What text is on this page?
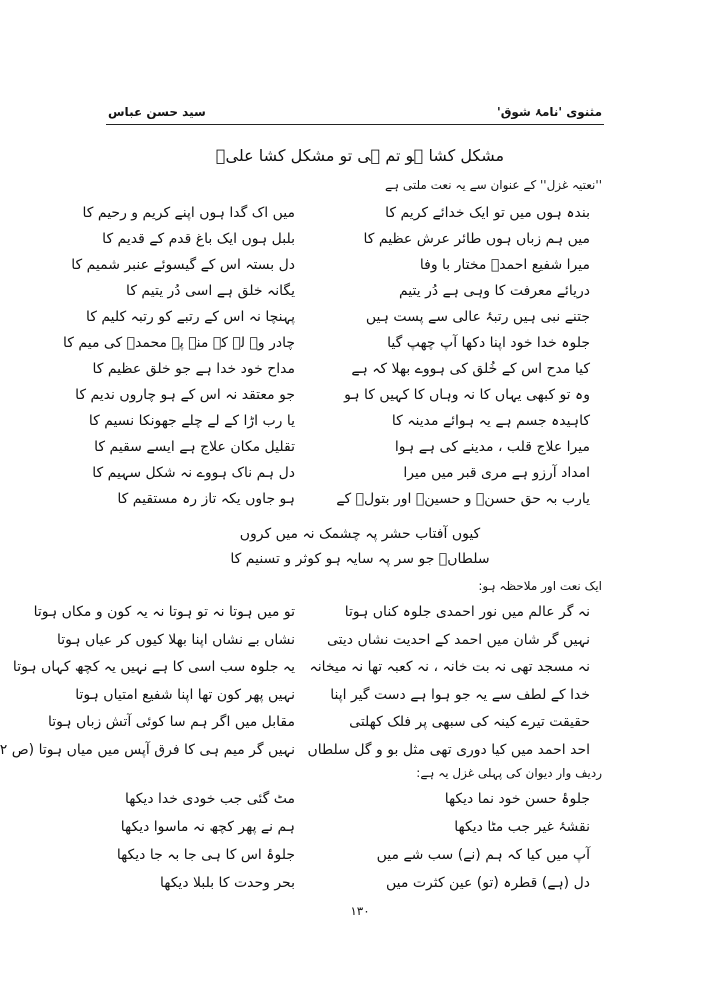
مثنوی 'نامۂ شوق'
سید حسن عباس
مشکل کشا ہو تم ہی تو مشکل کشا علیؑ
''نعتیہ غزل'' کے عنوان سے یہ نعت ملتی ہے
بندہ ہوں میں تو ایک خدائے کریم کا
میں اک گدا ہوں اپنے کریم و رحیم کا
میں ہم زباں ہوں طائر عرش عظیم کا
بلبل ہوں ایک باغ قدم کے قدیم کا
میرا شفیع احمدؐ مختار با وفا
دل بستہ اس کے گیسوئے عنبر شمیم کا
دریائے معرفت کا وہی ہے دُر یتیم
یگانہ خلق ہے اسی دُر یتیم کا
جتنے نبی ہیں رتبۂ عالی سے پست ہیں
پہنچا نہ اس کے رتبے کو رتبہ کلیم کا
جلوہ خدا خود اپنا دکھا آپ چھپ گیا
چادر وہ لے کے منہ پہ محمدؐ کی میم کا
کیا مدح اس کے خُلق کی ہووے بھلا کہ ہے
مداح خود خدا ہے جو خلق عظیم کا
وہ تو کبھی یہاں کا نہ وہاں کا کہیں کا ہو
جو معتقد نہ اس کے ہو چاروں ندیم کا
کاہیدہ جسم ہے یہ ہوائے مدینہ کا
یا رب اڑا کے لے چلے جھونکا نسیم کا
میرا علاج قلب ، مدینے کی ہے ہوا
تقلیل مکان علاج ہے ایسے سقیم کا
امداد آرزو ہے مری قبر میں میرا
دل ہم ناک ہووے نہ شکل سہیم کا
یارب بہ حق حسنؑ و حسینؑ اور بتولؑ کے
ہو جاوں یکہ تاز رہ مستقیم کا
کیوں آفتاب حشر پہ چشمک نہ میں کروں
سلطاںؔ جو سر پہ سایہ ہو کوثر و تسنیم کا
ایک نعت اور ملاحظہ ہو:
نہ گر عالم میں نور احمدی جلوہ کناں ہوتا
تو میں ہوتا نہ تو ہوتا نہ یہ کون و مکاں ہوتا
نہیں گر شان میں احمد کے احدیت نشاں دیتی
نشاں بے نشاں اپنا بھلا کیوں کر عیاں ہوتا
نہ مسجد تھی نہ بت خانہ ، نہ کعبہ تھا نہ میخانہ
یہ جلوہ سب اسی کا ہے نہیں یہ کچھ کہاں ہوتا
خدا کے لطف سے یہ جو ہوا ہے دست گیر اپنا
نہیں پھر کون تھا اپنا شفیع امتیاں ہوتا
حقیقت تیرے کینہ کی سبھی پر فلک کھلتی
مقابل میں اگر ہم سا کوئی آتش زباں ہوتا
احد احمد میں کیا دوری تھی مثل بو و گل سلطاں
نہیں گر میم ہی کا فرق آپس میں میاں ہوتا (ص ۲
ردیف وار دیوان کی پہلی غزل یہ ہے:
جلوۂ حسن خود نما دیکھا
مٹ گئی جب خودی خدا دیکھا
نقشۂ غیر جب مٹا دیکھا
ہم نے پھر کچھ نہ ماسوا دیکھا
آپ میں کیا کہ ہم (نے) سب شے میں
جلوۂ اس کا ہی جا بہ جا دیکھا
دل (ہے) قطرہ (تو) عین کثرت میں
بحر وحدت کا بلبلا دیکھا
۱۳۰
